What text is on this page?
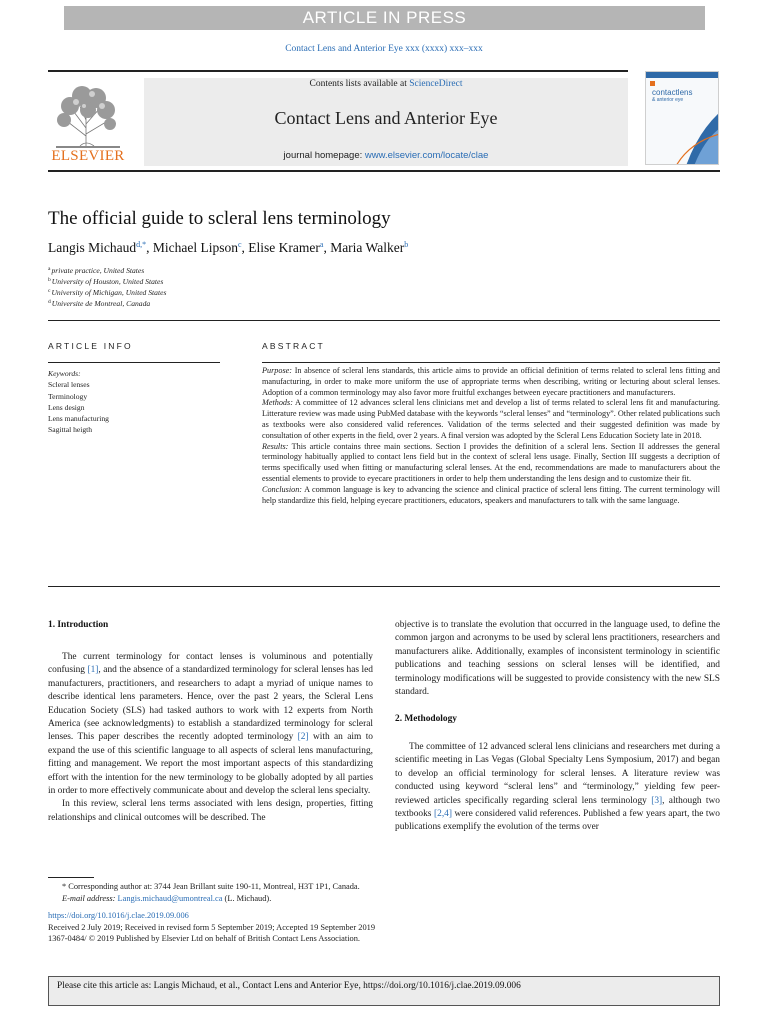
ARTICLE IN PRESS
Contact Lens and Anterior Eye xxx (xxxx) xxx–xxx
ELSEVIER
Contents lists available at ScienceDirect
Contact Lens and Anterior Eye
journal homepage: www.elsevier.com/locate/clae
contactlens
& anterior eye
The official guide to scleral lens terminology
Langis Michaud$^{d,*}$, Michael Lipson$^c$, Elise Kramer$^a$, Maria Walker$^b$
$^a$private practice, United States
$^b$University of Houston, United States
$^c$University of Michigan, United States
$^d$Universite de Montreal, Canada
ARTICLE INFO	ABSTRACT
Keywords:
Scleral lenses
Terminology
Lens design
Lens manufacturing
Sagittal heigth

Purpose: In absence of scleral lens standards, this article aims to provide an official definition of terms related to scleral lens fitting and manufacturing, in order to make more uniform the use of appropriate terms when describing, writing or lecturing about scleral lenses. Adoption of a common terminology may also favor more fruitful exchanges between eyecare practitioners and manufacturers.

Methods: A committee of 12 advances scleral lens clinicians met and develop a list of terms related to scleral lens fit and manufacturing. Litterature review was made using PubMed database with the keywords “scleral lenses” and “terminology”. Other related publications such as textbooks were also considered valid references. Validation of the terms selected and their suggested definition was made by consultation of other experts in the field, over 2 years. A final version was adopted by the Scleral Lens Education Society late in 2018.

Results: This article contains three main sections. Section I provides the definition of a scleral lens. Section II addresses the general terminology habitually applied to contact lens field but in the context of scleral lens usage. Finally, Section III suggests a decription of terms specifically used when fitting or manufacturing scleral lenses. At the end, recommendations are made to manufacturers about the essential elements to provide to eyecare practitioners in order to help them understanding the lens design and to customize their fit.

Conclusion: A common language is key to advancing the science and clinical practice of scleral lens fitting. The current terminology will help standardize this field, helping eyecare practitioners, educators, speakers and manufacturers to talk with the same language.

1. Introduction

The current terminology for contact lenses is voluminous and potentially confusing [1], and the absence of a standardized terminology for scleral lenses has led manufacturers, practitioners, and researchers to adapt a myriad of unique names to describe identical lens parameters. Hence, over the past 2 years, the Scleral Lens Education Society (SLS) had tasked authors to work with 12 experts from North America (see acknowledgments) to establish a standardized terminology for scleral lenses. This paper describes the recently adopted terminology [2] with an aim to expand the use of this scientific language to all aspects of scleral lens manufacturing, fitting and management. We report the most important aspects of this standardizing effort with the intention for the new terminology to be globally adopted by all parties in order to more effectively communicate about and develop the scleral lens specialty.

In this review, scleral lens terms associated with lens design, properties, fitting relationships and clinical outcomes will be described. The

objective is to translate the evolution that occurred in the language used, to define the common jargon and acronyms to be used by scleral lens practitioners, researchers and manufacturers alike. Additionally, examples of inconsistent terminology in scientific publications and teaching sessions on scleral lenses will be identified, and terminology modifications will be suggested to provide consistency with the new SLS standard.

2. Methodology

The committee of 12 advanced scleral lens clinicians and researchers met during a scientific meeting in Las Vegas (Global Specialty Lens Symposium, 2017) and began to develop an official terminology for scleral lenses. A literature review was conducted using keyword “scleral lens” and “terminology,” yielding few peer-reviewed articles specifically regarding scleral lens terminology [3], although two textbooks [2,4] were considered valid references. Published a few years apart, the two publications exemplify the evolution of the terms over

* Corresponding author at: 3744 Jean Brillant suite 190-11, Montreal, H3T 1P1, Canada.
E-mail address: Langis.michaud@umontreal.ca (L. Michaud).
https://doi.org/10.1016/j.clae.2019.09.006
Received 2 July 2019; Received in revised form 5 September 2019; Accepted 19 September 2019
1367-0484/ © 2019 Published by Elsevier Ltd on behalf of British Contact Lens Association.
Please cite this article as: Langis Michaud, et al., Contact Lens and Anterior Eye, https://doi.org/10.1016/j.clae.2019.09.006
